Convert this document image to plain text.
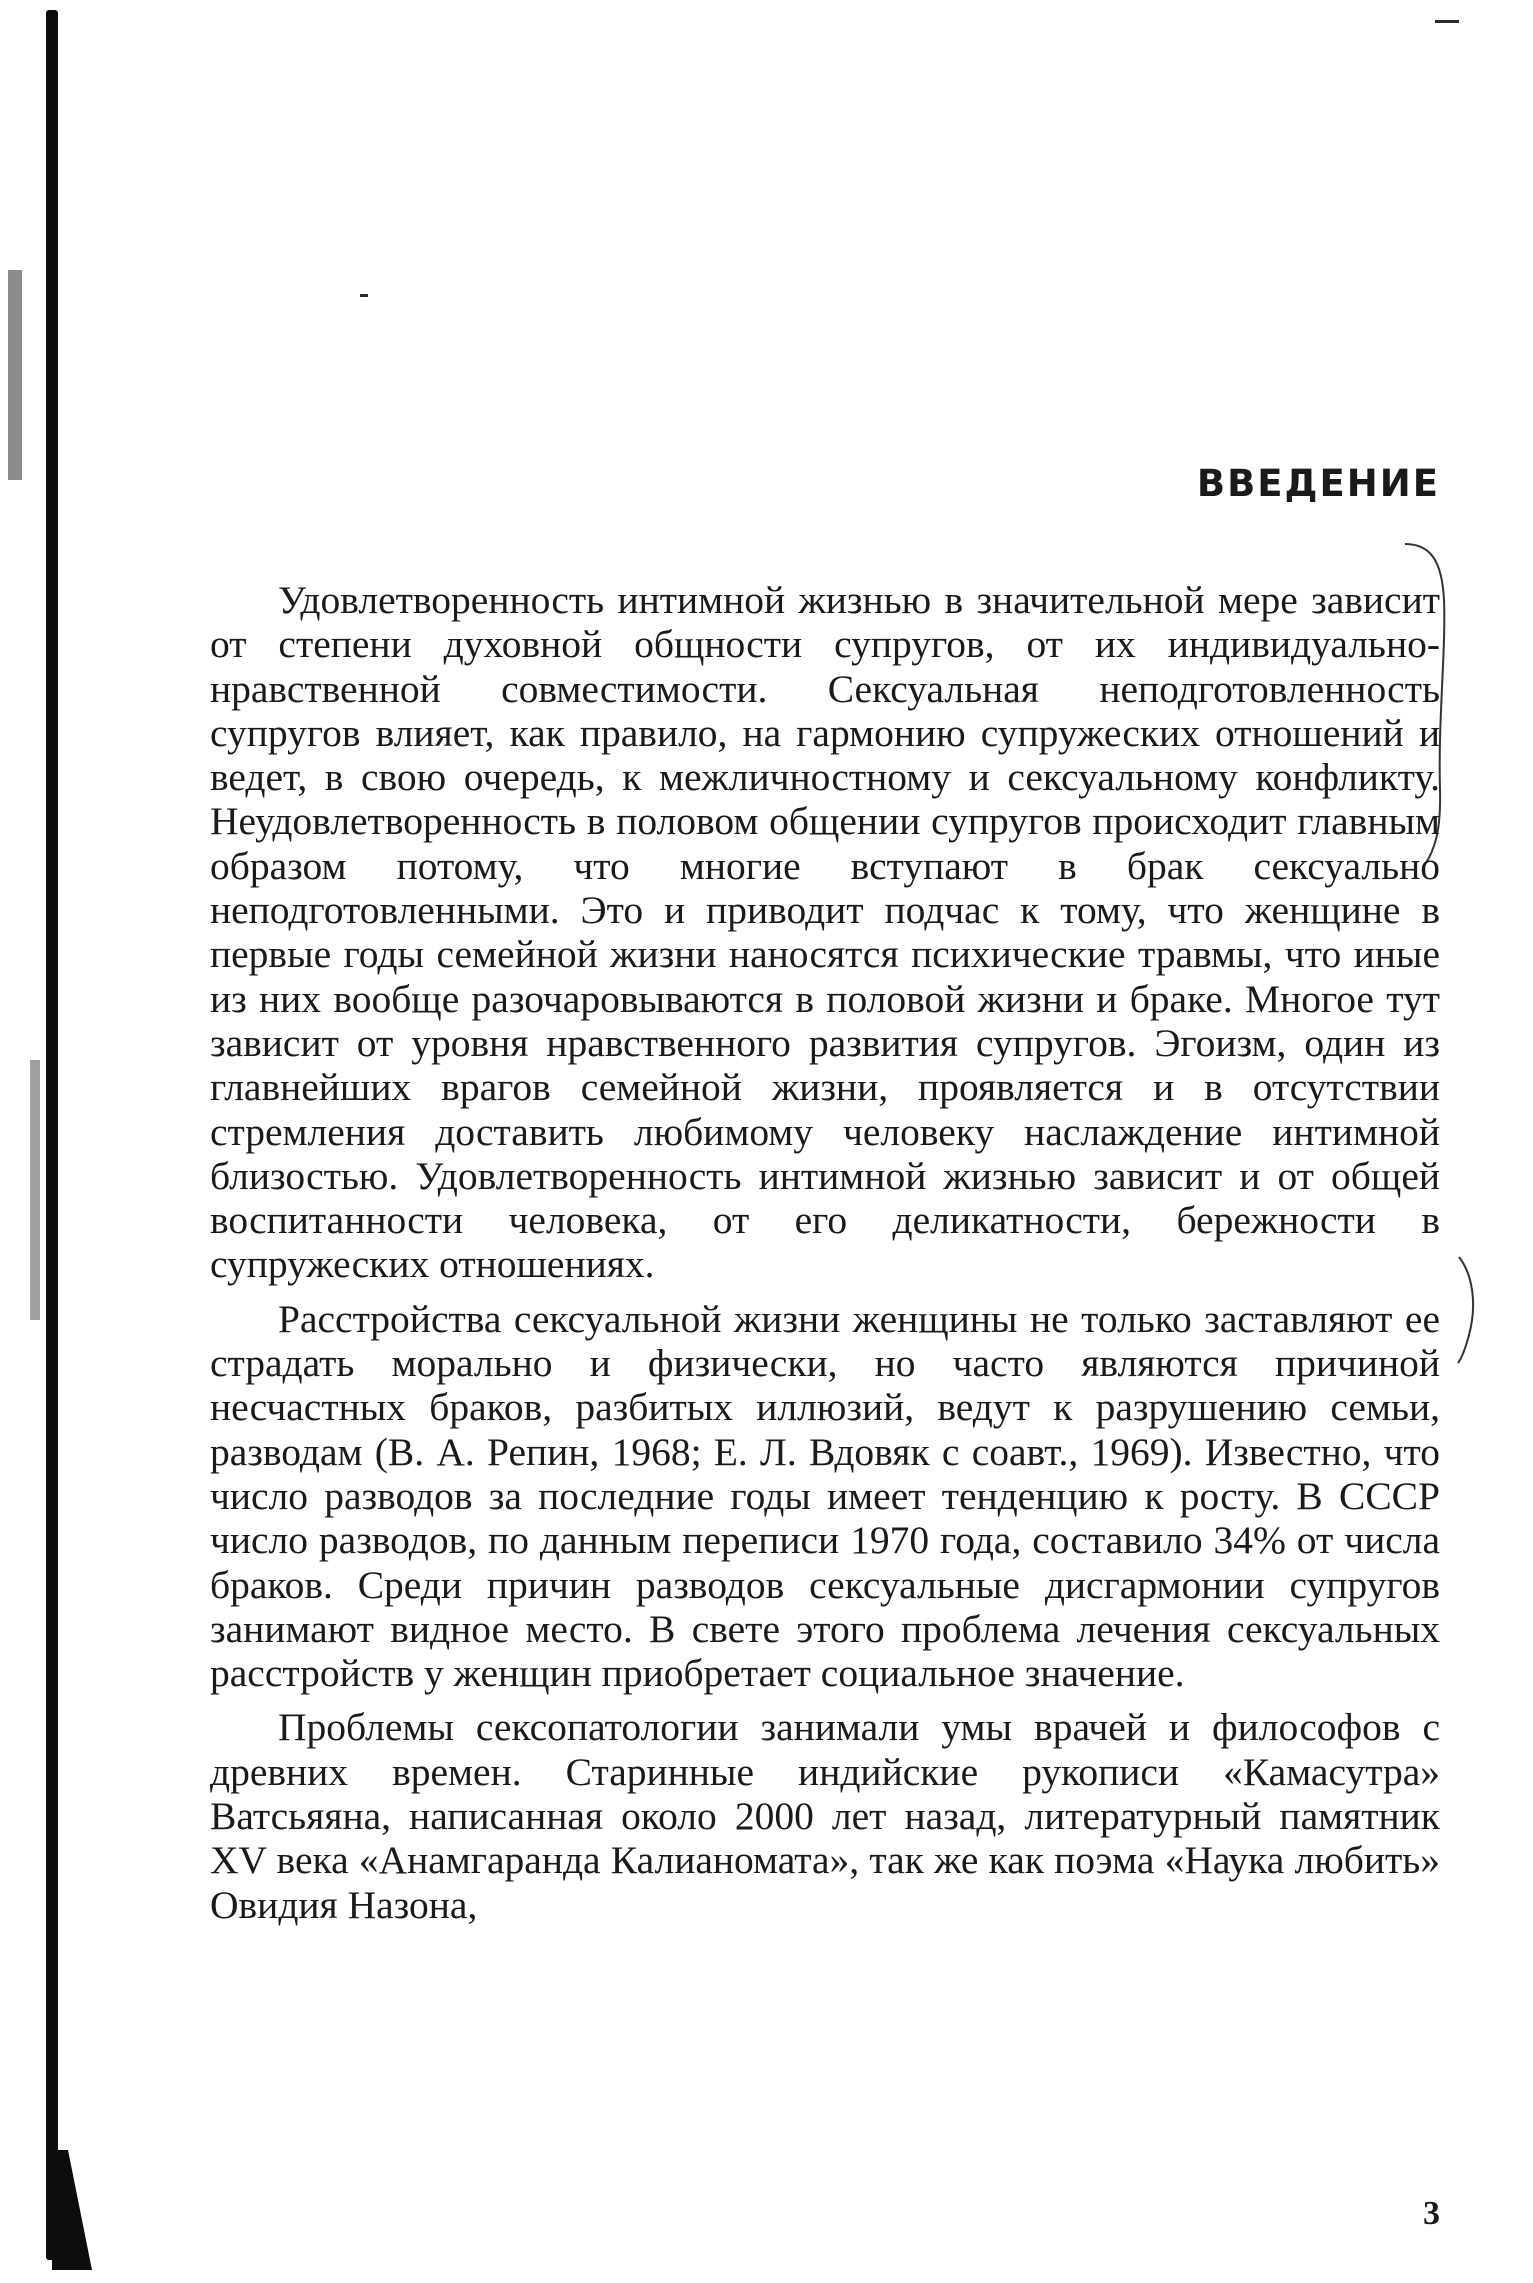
ВВЕДЕНИЕ

Удовлетворенность интимной жизнью в значительной мере зависит от степени духовной общности супругов, от их индивидуально-нравственной совместимости. Сексуальная неподготовленность супругов влияет, как правило, на гармонию супружеских отношений и ведет, в свою очередь, к межличностному и сексуальному конфликту. Неудовлетворенность в половом общении супругов происходит главным образом потому, что многие вступают в брак сексуально неподготовленными. Это и приводит подчас к тому, что женщине в первые годы семейной жизни наносятся психические травмы, что иные из них вообще разочаровываются в половой жизни и браке. Многое тут зависит от уровня нравственного развития супругов. Эгоизм, один из главнейших врагов семейной жизни, проявляется и в отсутствии стремления доставить любимому человеку наслаждение интимной близостью. Удовлетворенность интимной жизнью зависит и от общей воспитанности человека, от его деликатности, бережности в супружеских отношениях.

Расстройства сексуальной жизни женщины не только заставляют ее страдать морально и физически, но часто являются причиной несчастных браков, разбитых иллюзий, ведут к разрушению семьи, разводам (В. А. Репин, 1968; Е. Л. Вдовяк с соавт., 1969). Известно, что число разводов за последние годы имеет тенденцию к росту. В СССР число разводов, по данным переписи 1970 года, составило 34% от числа браков. Среди причин разводов сексуальные дисгармонии супругов занимают видное место. В свете этого проблема лечения сексуальных расстройств у женщин приобретает социальное значение.

Проблемы сексопатологии занимали умы врачей и философов с древних времен. Старинные индийские рукописи «Камасутра» Ватсьяяна, написанная около 2000 лет назад, литературный памятник XV века «Анамгаранда Калианомата», так же как поэма «Наука любить» Овидия Назона,

3
